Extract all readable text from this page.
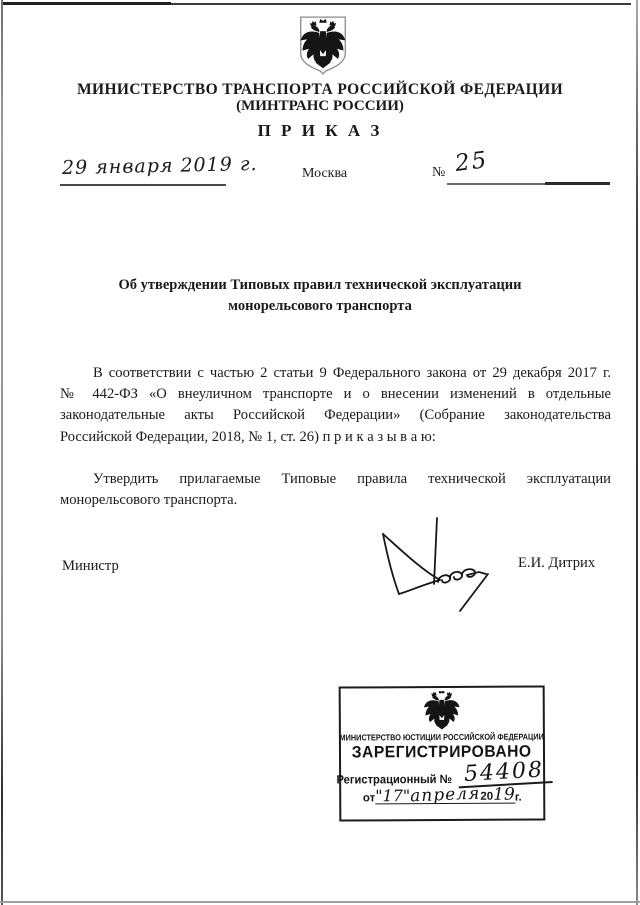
МИНИСТЕРСТВО ТРАНСПОРТА РОССИЙСКОЙ ФЕДЕРАЦИИ
(МИНТРАНС РОССИИ)
П Р И К А З
29 января 2019 г.	Москва	№ 25
Об утверждении Типовых правил технической эксплуатации
монорельсового транспорта
В соответствии с частью 2 статьи 9 Федерального закона от 29 декабря 2017 г.
№ 442-ФЗ «О внеуличном транспорте и о внесении изменений в отдельные
законодательные акты Российской Федерации» (Собрание законодательства
Российской Федерации, 2018, № 1, ст. 26) п р и к а з ы в а ю:
Утвердить прилагаемые Типовые правила технической эксплуатации
монорельсового транспорта.
Министр	Е.И. Дитрих
МИНИСТЕРСТВО ЮСТИЦИИ РОССИЙСКОЙ ФЕДЕРАЦИИ
ЗАРЕГИСТРИРОВАНО
Регистрационный № 54408
от "17" апреля 20 19 г.
